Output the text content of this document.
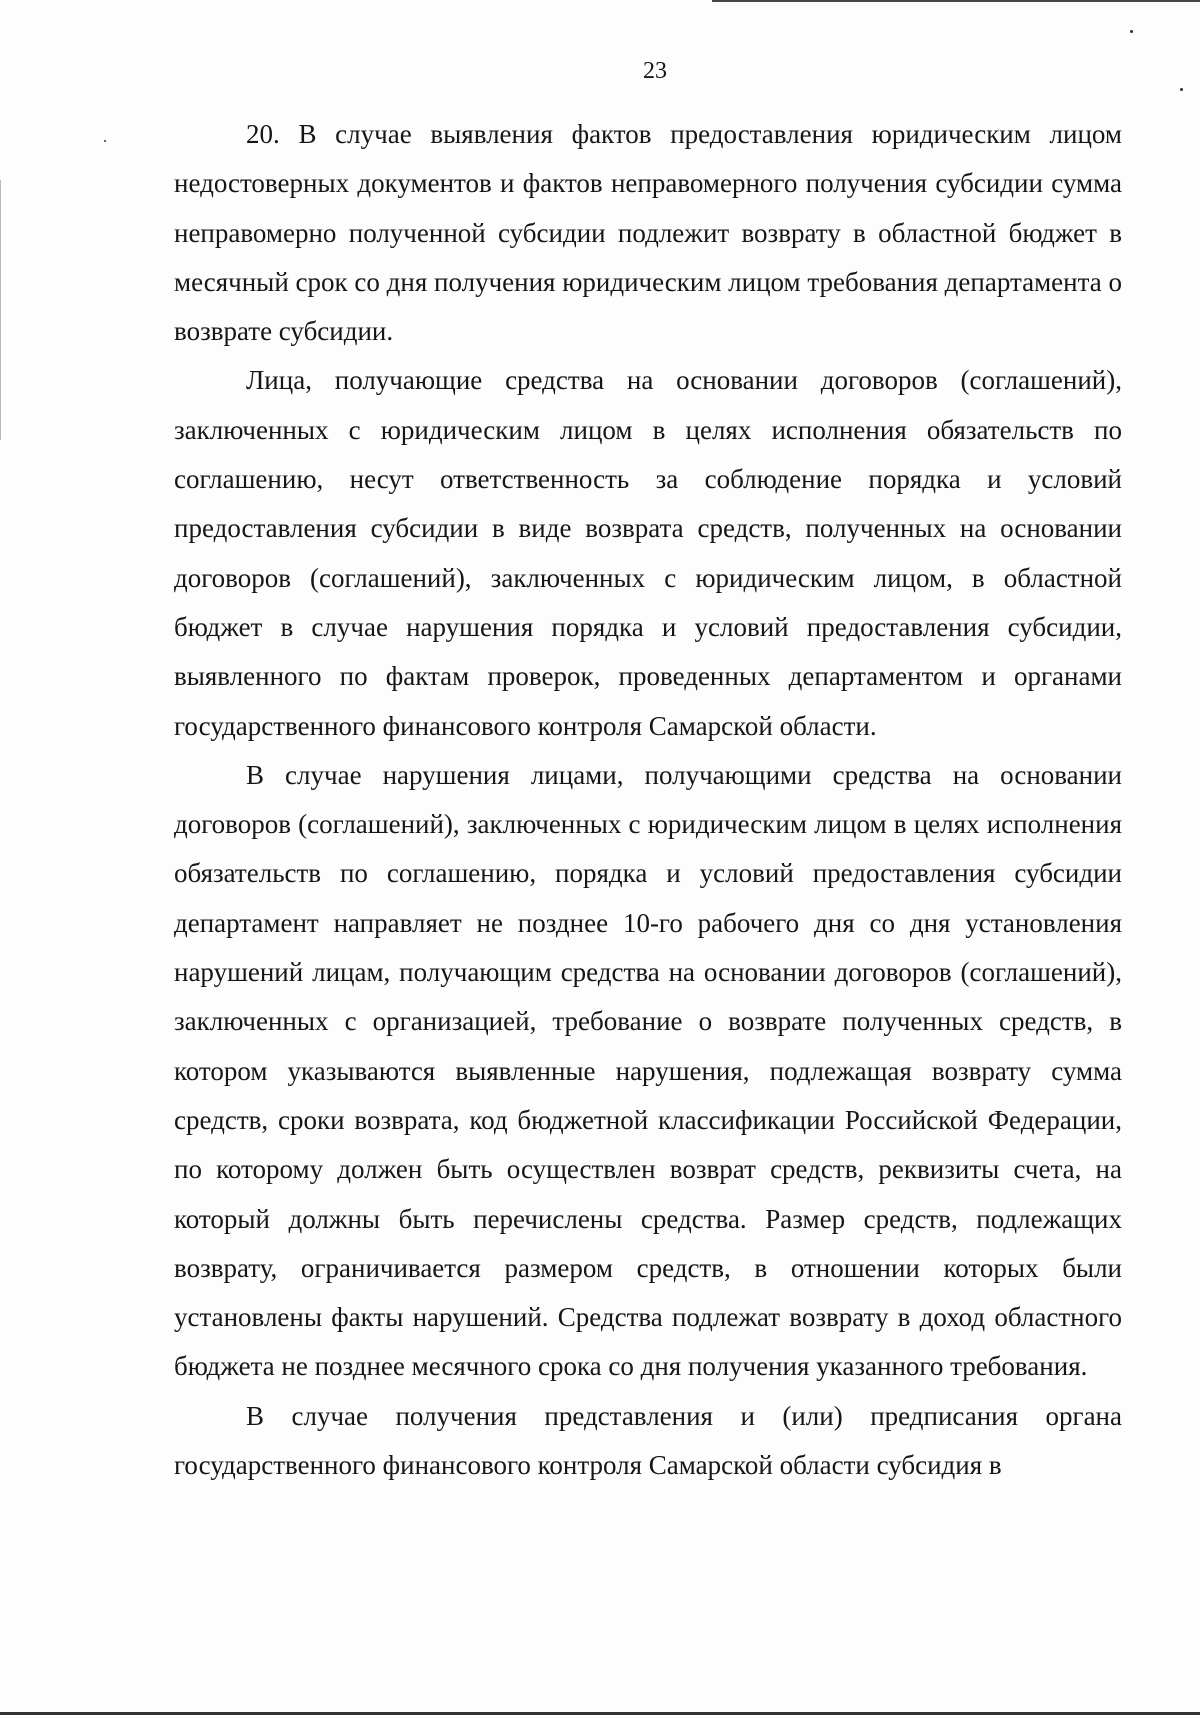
23

20. В случае выявления фактов предоставления юридическим лицом недостоверных документов и фактов неправомерного получения субсидии сумма неправомерно полученной субсидии подлежит возврату в областной бюджет в месячный срок со дня получения юридическим лицом требования департамента о возврате субсидии.

Лица, получающие средства на основании договоров (соглашений), заключенных с юридическим лицом в целях исполнения обязательств по соглашению, несут ответственность за соблюдение порядка и условий предоставления субсидии в виде возврата средств, полученных на основании договоров (соглашений), заключенных с юридическим лицом, в областной бюджет в случае нарушения порядка и условий предоставления субсидии, выявленного по фактам проверок, проведенных департаментом и органами государственного финансового контроля Самарской области.

В случае нарушения лицами, получающими средства на основании договоров (соглашений), заключенных с юридическим лицом в целях исполнения обязательств по соглашению, порядка и условий предоставления субсидии департамент направляет не позднее 10-го рабочего дня со дня установления нарушений лицам, получающим средства на основании договоров (соглашений), заключенных с организацией, требование о возврате полученных средств, в котором указываются выявленные нарушения, подлежащая возврату сумма средств, сроки возврата, код бюджетной классификации Российской Федерации, по которому должен быть осуществлен возврат средств, реквизиты счета, на который должны быть перечислены средства. Размер средств, подлежащих возврату, ограничивается размером средств, в отношении которых были установлены факты нарушений. Средства подлежат возврату в доход областного бюджета не позднее месячного срока со дня получения указанного требования.

В случае получения представления и (или) предписания органа государственного финансового контроля Самарской области субсидия в
